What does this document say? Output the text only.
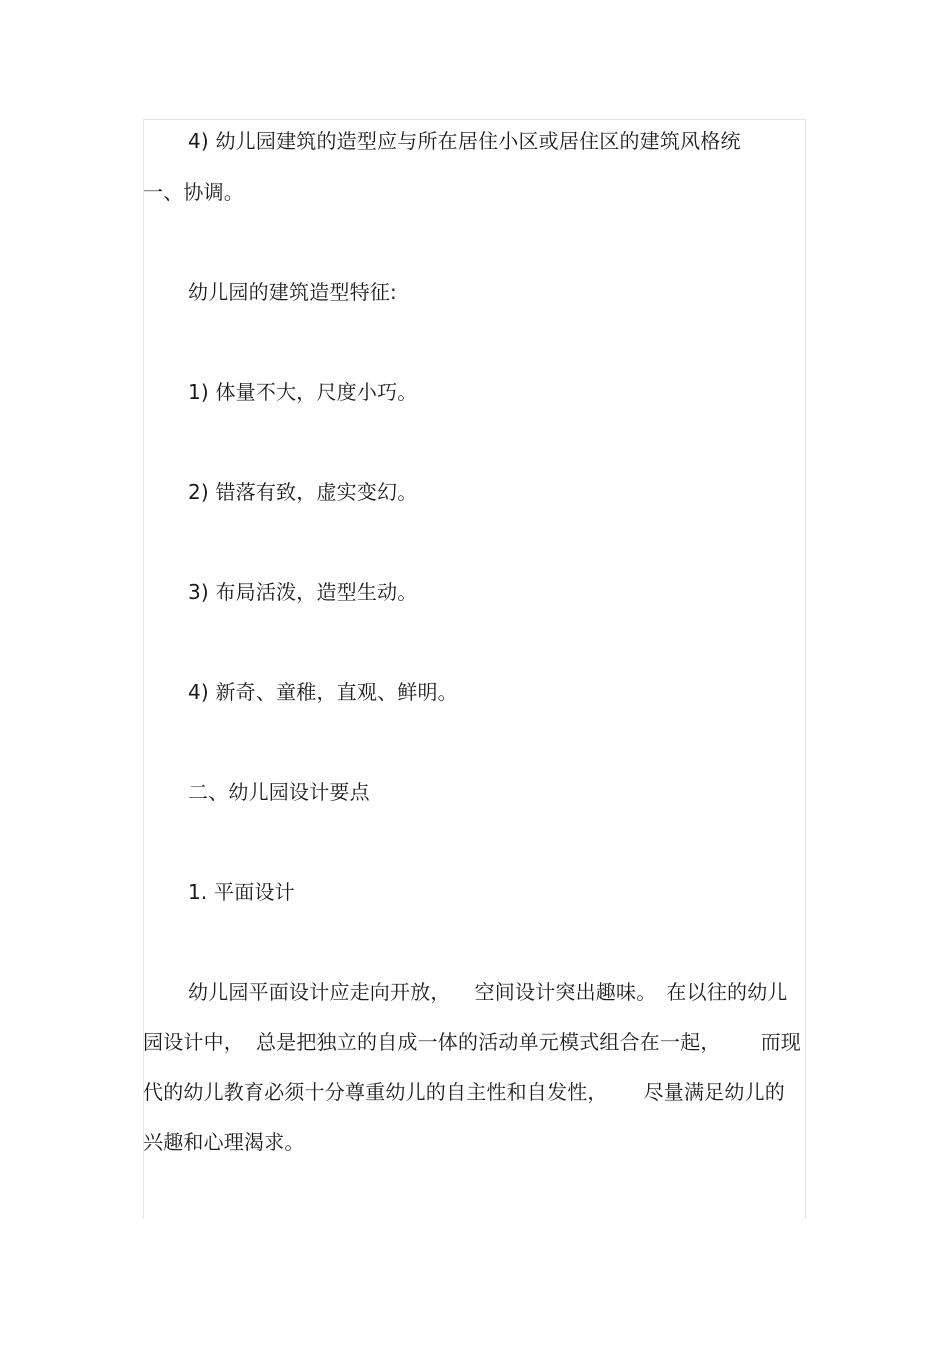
4) 幼儿园建筑的造型应与所在居住小区或居住区的建筑风格统
一、协调。
幼儿园的建筑造型特征:
1) 体量不大，尺度小巧。
2) 错落有致，虚实变幻。
3) 布局活泼，造型生动。
4) 新奇、童稚，直观、鲜明。
二、幼儿园设计要点
1. 平面设计
幼儿园平面设计应走向开放， 空间设计突出趣味。 在以往的幼儿
园设计中， 总是把独立的自成一体的活动单元模式组合在一起， 而现
代的幼儿教育必须十分尊重幼儿的自主性和自发性， 尽量满足幼儿的
兴趣和心理渴求。
